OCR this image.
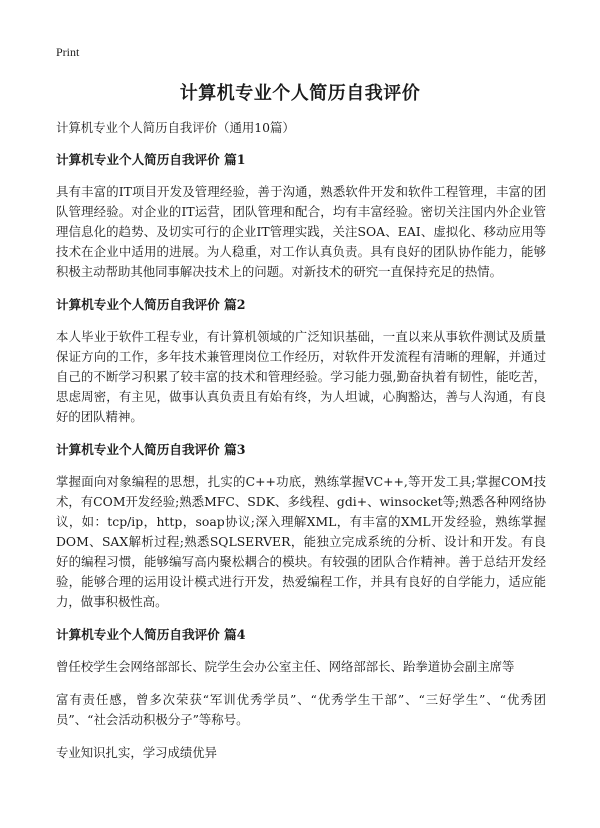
Print
计算机专业个人简历自我评价

计算机专业个人简历自我评价（通用10篇）

计算机专业个人简历自我评价 篇1

具有丰富的IT项目开发及管理经验，善于沟通，熟悉软件开发和软件工程管理，丰富的团队管理经验。对企业的IT运营，团队管理和配合，均有丰富经验。密切关注国内外企业管理信息化的趋势、及切实可行的企业IT管理实践，关注SOA、EAI、虚拟化、移动应用等技术在企业中适用的进展。为人稳重，对工作认真负责。具有良好的团队协作能力，能够积极主动帮助其他同事解决技术上的问题。对新技术的研究一直保持充足的热情。

计算机专业个人简历自我评价 篇2

本人毕业于软件工程专业，有计算机领域的广泛知识基础，一直以来从事软件测试及质量保证方向的工作，多年技术兼管理岗位工作经历，对软件开发流程有清晰的理解，并通过自己的不断学习积累了较丰富的技术和管理经验。学习能力强,勤奋执着有韧性，能吃苦，思虑周密，有主见，做事认真负责且有始有终，为人坦诚，心胸豁达，善与人沟通，有良好的团队精神。

计算机专业个人简历自我评价 篇3

掌握面向对象编程的思想，扎实的C++功底，熟练掌握VC++,等开发工具;掌握COM技术，有COM开发经验;熟悉MFC、SDK、多线程、gdi+、winsocket等;熟悉各种网络协议，如：tcp/ip，http，soap协议;深入理解XML，有丰富的XML开发经验，熟练掌握DOM、SAX解析过程;熟悉SQLSERVER，能独立完成系统的分析、设计和开发。有良好的编程习惯，能够编写高内聚松耦合的模块。有较强的团队合作精神。善于总结开发经验，能够合理的运用设计模式进行开发，热爱编程工作，并具有良好的自学能力，适应能力，做事积极性高。

计算机专业个人简历自我评价 篇4

曾任校学生会网络部部长、院学生会办公室主任、网络部部长、跆拳道协会副主席等

富有责任感，曾多次荣获“军训优秀学员”、“优秀学生干部”、“三好学生”、“优秀团员”、“社会活动积极分子”等称号。

专业知识扎实，学习成绩优异
